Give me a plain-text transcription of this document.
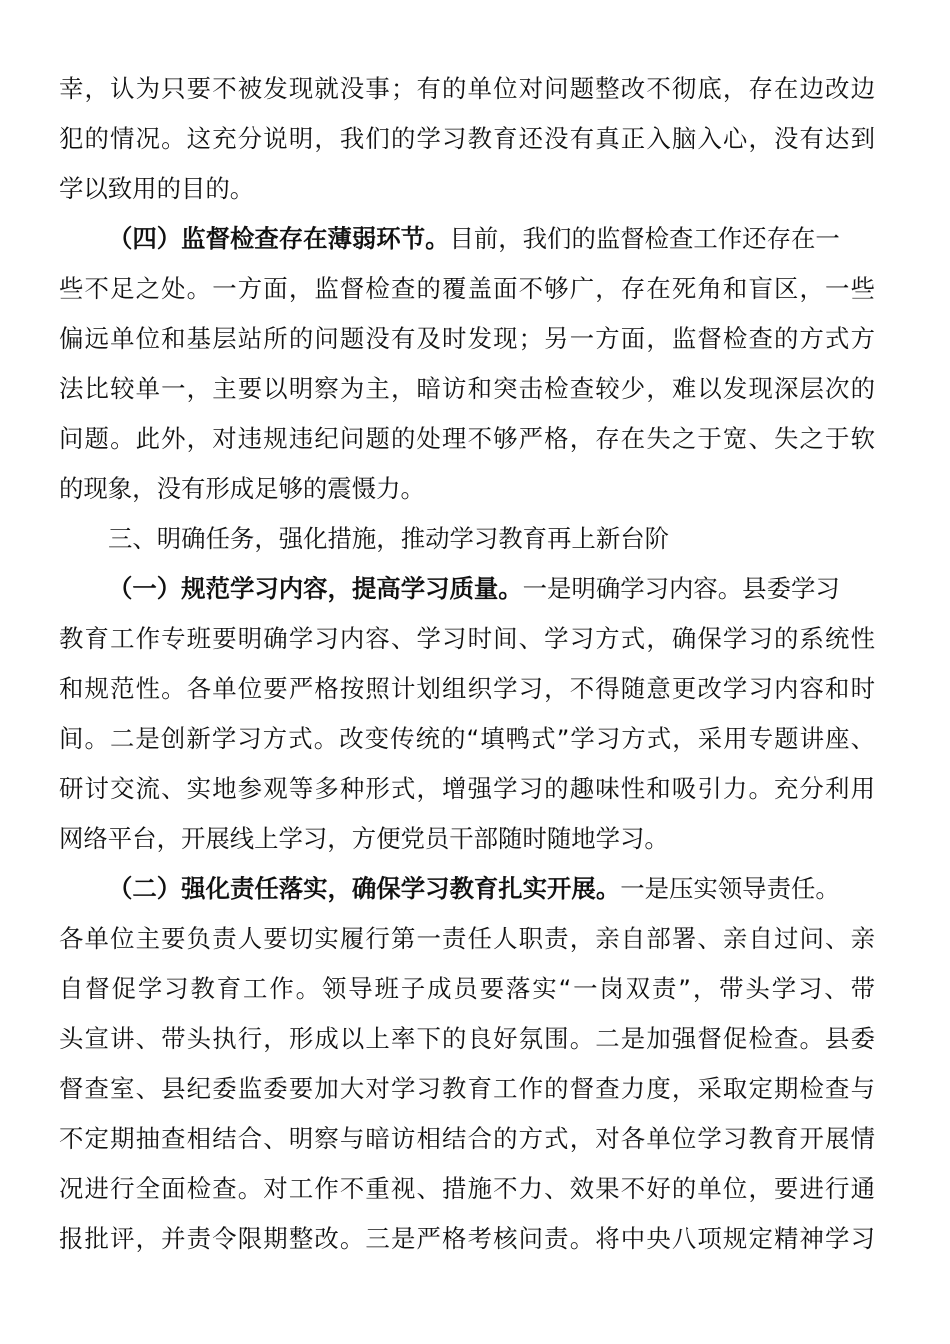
幸，认为只要不被发现就没事；有的单位对问题整改不彻底，存在边改边
犯的情况。这充分说明，我们的学习教育还没有真正入脑入心，没有达到
学以致用的目的。
（四）监督检查存在薄弱环节。目前，我们的监督检查工作还存在一
些不足之处。一方面，监督检查的覆盖面不够广，存在死角和盲区，一些
偏远单位和基层站所的问题没有及时发现；另一方面，监督检查的方式方
法比较单一，主要以明察为主，暗访和突击检查较少，难以发现深层次的
问题。此外，对违规违纪问题的处理不够严格，存在失之于宽、失之于软
的现象，没有形成足够的震慑力。
三、明确任务，强化措施，推动学习教育再上新台阶
（一）规范学习内容，提高学习质量。一是明确学习内容。县委学习
教育工作专班要明确学习内容、学习时间、学习方式，确保学习的系统性
和规范性。各单位要严格按照计划组织学习，不得随意更改学习内容和时
间。二是创新学习方式。改变传统的“填鸭式”学习方式，采用专题讲座、
研讨交流、实地参观等多种形式，增强学习的趣味性和吸引力。充分利用
网络平台，开展线上学习，方便党员干部随时随地学习。
（二）强化责任落实，确保学习教育扎实开展。一是压实领导责任。
各单位主要负责人要切实履行第一责任人职责，亲自部署、亲自过问、亲
自督促学习教育工作。领导班子成员要落实“一岗双责”，带头学习、带
头宣讲、带头执行，形成以上率下的良好氛围。二是加强督促检查。县委
督查室、县纪委监委要加大对学习教育工作的督查力度，采取定期检查与
不定期抽查相结合、明察与暗访相结合的方式，对各单位学习教育开展情
况进行全面检查。对工作不重视、措施不力、效果不好的单位，要进行通
报批评，并责令限期整改。三是严格考核问责。将中央八项规定精神学习
